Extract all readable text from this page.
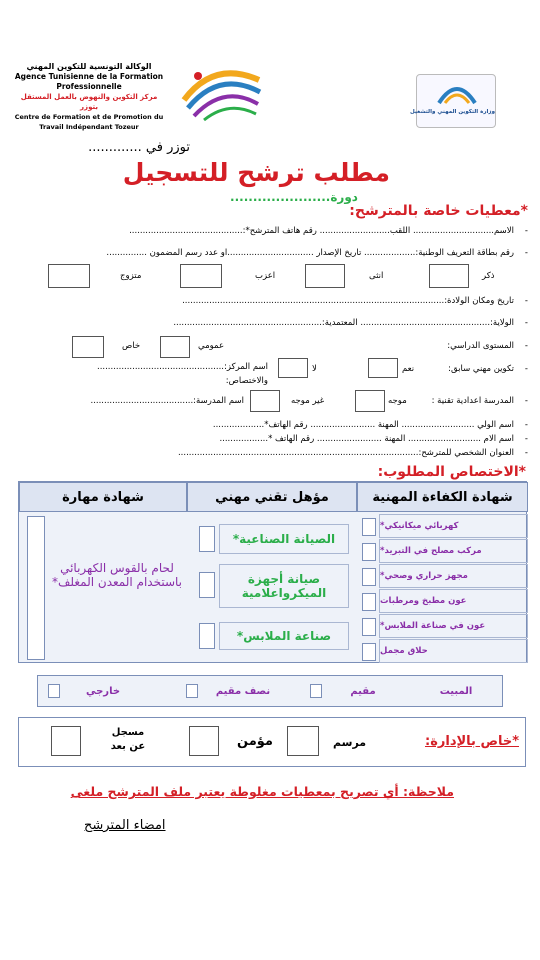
الوكالة التونسية للتكوين المهني
Agence Tunisienne de la Formation
Professionnelle
مركز التكوين والنهوض بالعمل المستقل بتوزر
Centre de Formation et de Promotion du
Travail Indépendant Tozeur
وزارة التكوين المهني والتشغيل
توزر في .............
مطلب ترشح للتسجيل
دورة......................
*معطيات خاصة بالمترشح:
الاسم.............................. اللقب.......................... رقم هاتف المترشح*:.......................................... -
رقم بطاقة التعريف الوطنية:................... تاريخ الإصدار ................................او عدد رسم المضمون ............... -
ذكر
انثى
اعزب
متزوج
تاريخ ومكان الولادة:................................................................................................. -
الولاية:................................................ المعتمدية:....................................................... -
المستوى الدراسي: -
عمومي
خاص
تكوين مهني سابق: -
نعم
لا
اسم المركز:...............................................
والاختصاص:
المدرسة اعدادية تقنية : -
موجه
غير موجه
اسم المدرسة:......................................
اسم الولي ........................... المهنة ........................ رقم الهاتف*................... -
اسم الام ........................... المهنة ........................ رقم الهاتف *.................. -
العنوان الشخصي للمترشح:......................................................................................... -
*الاختصاص المطلوب:
شهادة الكفاءة المهنية
مؤهل تقني مهني
شهادة مهارة
كهربائي ميكانيكي*
مركب مصلح في التبريد*
مجهز حراري وصحي*
عون مطبخ ومرطبات
عون في صناعة الملابس*
حلاق مجمل
الصيانة الصناعية*
صيانة أجهزة الميكرواعلامية
صناعة الملابس*
لحام بالقوس الكهربائي باستخدام المعدن المغلف*
المبيت
مقيم
نصف مقيم
خارجي
*خاص بالإدارة:
مرسم
مؤمن
مسجل عن بعد
ملاحظة: أي تصريح بمعطيات مغلوطة يعتبر ملف المترشح ملغى
امضاء المترشح
